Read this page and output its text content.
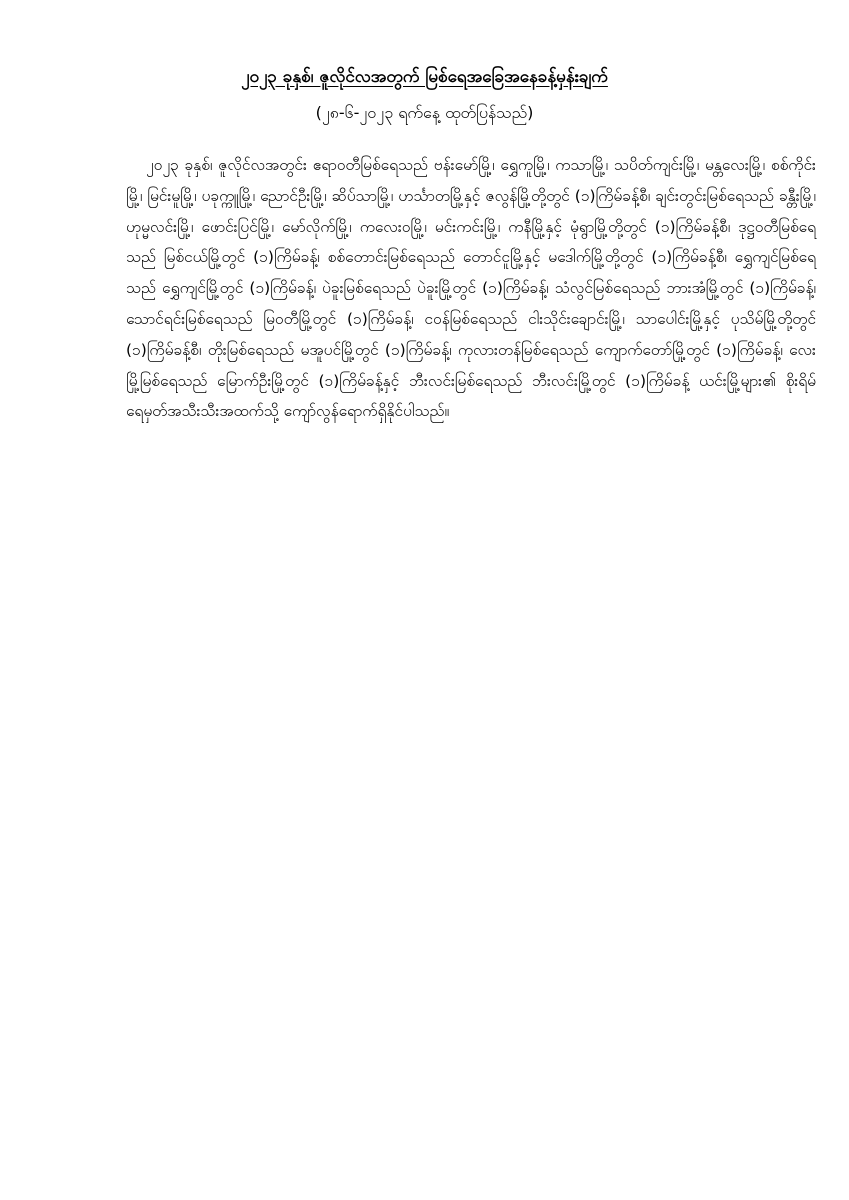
၂၀၂၃ ခုနှစ်၊ ဇူလိုင်လအတွက် မြစ်ရေအခြေအနေခန့်မှန်းချက်
(၂၈-၆-၂၀၂၃ ရက်နေ့ ထုတ်ပြန်သည်)

၂၀၂၃ ခုနှစ်၊ ဇူလိုင်လအတွင်း ဧရာဝတီမြစ်ရေသည် ဗန်းမော်မြို့၊ ရွှေကူမြို့၊ ကသာမြို့၊ သပိတ်ကျင်းမြို့၊ မန္တလေးမြို့၊ စစ်ကိုင်းမြို့၊ မြင်းမူမြို့၊ ပခုက္ကူမြို့၊ ညောင်ဦးမြို့၊ ဆိပ်သာမြို့၊ ဟင်္သာတမြို့နှင့် ဇလွန်မြို့တို့တွင် (၁)ကြိမ်ခန့်စီ၊ ချင်းတွင်းမြစ်ရေသည် ခန္တီးမြို့၊ ဟုမ္မလင်းမြို့၊ ဖောင်းပြင်မြို့၊ မော်လိုက်မြို့၊ ကလေးဝမြို့၊ မင်းကင်းမြို့၊ ကနီမြို့နှင့် မုံရွာမြို့တို့တွင် (၁)ကြိမ်ခန့်စီ၊ ဒုဋ္ဌဝတီမြစ်ရေသည် မြစ်ငယ်မြို့တွင် (၁)ကြိမ်ခန့်၊ စစ်တောင်းမြစ်ရေသည် တောင်ငူမြို့နှင့် မဒေါက်မြို့တို့တွင် (၁)ကြိမ်ခန့်စီ၊ ရွှေကျင်မြစ်ရေသည် ရွှေကျင်မြို့တွင် (၁)ကြိမ်ခန့်၊ ပဲခူးမြစ်ရေသည် ပဲခူးမြို့တွင် (၁)ကြိမ်ခန့်၊ သံလွင်မြစ်ရေသည် ဘားအံမြို့တွင် (၁)ကြိမ်ခန့်၊ သောင်ရင်းမြစ်ရေသည် မြဝတီမြို့တွင် (၁)ကြိမ်ခန့်၊ ငဝန်မြစ်ရေသည် ငါးသိုင်းချောင်းမြို့၊ သာပေါင်းမြို့နှင့် ပုသိမ်မြို့တို့တွင် (၁)ကြိမ်ခန့်စီ၊ တိုးမြစ်ရေသည် မအူပင်မြို့တွင် (၁)ကြိမ်ခန့်၊ ကုလားတန်မြစ်ရေသည် ကျောက်တော်မြို့တွင် (၁)ကြိမ်ခန့်၊ လေးမြို့မြစ်ရေသည် မြောက်ဦးမြို့တွင် (၁)ကြိမ်ခန့်နှင့် ဘီးလင်းမြစ်ရေသည် ဘီးလင်းမြို့တွင် (၁)ကြိမ်ခန့် ယင်းမြို့များ၏ စိုးရိမ်ရေမှတ်အသီးသီးအထက်သို့ ကျော်လွန်ရောက်ရှိနိုင်ပါသည်။
